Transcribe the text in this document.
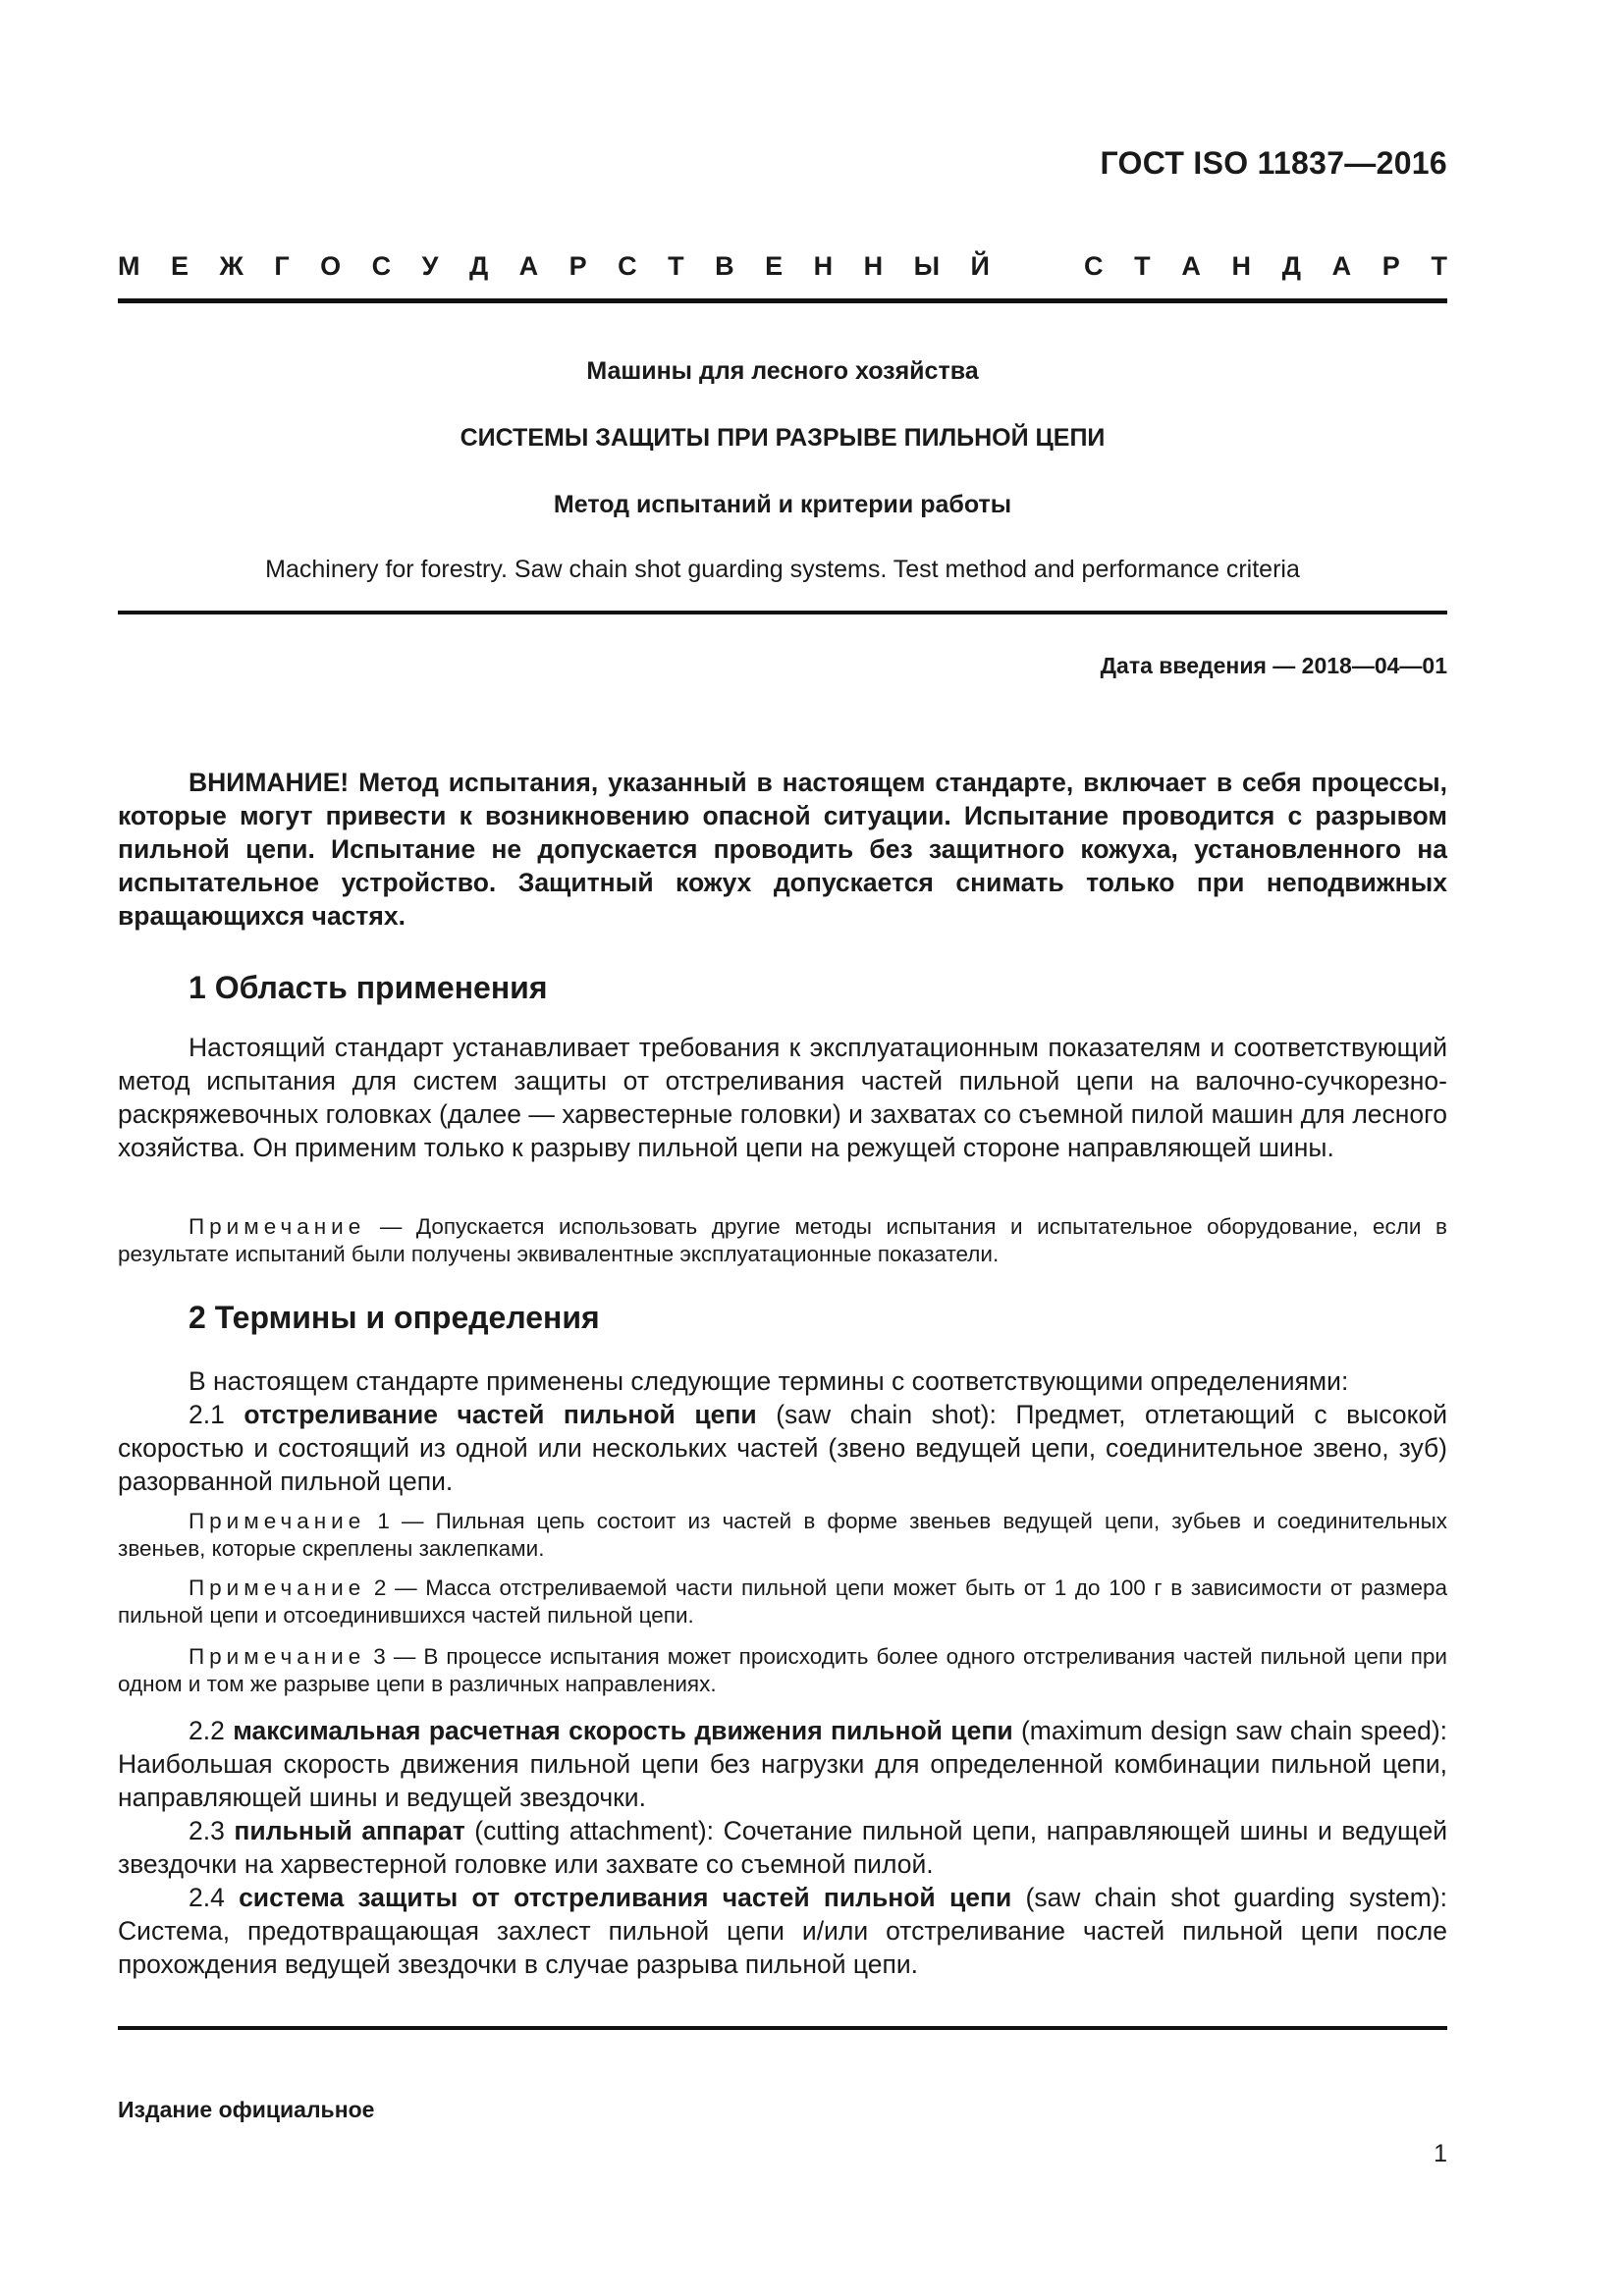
ГОСТ ISO 11837—2016
М Е Ж Г О С У Д А Р С Т В Е Н Н Ы Й	С Т А Н Д А Р Т
Машины для лесного хозяйства
СИСТЕМЫ ЗАЩИТЫ ПРИ РАЗРЫВЕ ПИЛЬНОЙ ЦЕПИ
Метод испытаний и критерии работы
Machinery for forestry. Saw chain shot guarding systems. Test method and performance criteria
Дата введения — 2018—04—01

ВНИМАНИЕ! Метод испытания, указанный в настоящем стандарте, включает в себя процессы, которые могут привести к возникновению опасной ситуации. Испытание проводится с разрывом пильной цепи. Испытание не допускается проводить без защитного кожуха, установленного на испытательное устройство. Защитный кожух допускается снимать только при неподвижных вращающихся частях.

1 Область применения

Настоящий стандарт устанавливает требования к эксплуатационным показателям и соответствующий метод испытания для систем защиты от отстреливания частей пильной цепи на валочно-сучкорезно-раскряжевочных головках (далее — харвестерные головки) и захватах со съемной пилой машин для лесного хозяйства. Он применим только к разрыву пильной цепи на режущей стороне направляющей шины.

Примечание — Допускается использовать другие методы испытания и испытательное оборудование, если в результате испытаний были получены эквивалентные эксплуатационные показатели.

2 Термины и определения

В настоящем стандарте применены следующие термины с соответствующими определениями:

2.1 отстреливание частей пильной цепи (saw chain shot): Предмет, отлетающий с высокой скоростью и состоящий из одной или нескольких частей (звено ведущей цепи, соединительное звено, зуб) разорванной пильной цепи.

Примечание 1 — Пильная цепь состоит из частей в форме звеньев ведущей цепи, зубьев и соединительных звеньев, которые скреплены заклепками.

Примечание 2 — Масса отстреливаемой части пильной цепи может быть от 1 до 100 г в зависимости от размера пильной цепи и отсоединившихся частей пильной цепи.

Примечание 3 — В процессе испытания может происходить более одного отстреливания частей пильной цепи при одном и том же разрыве цепи в различных направлениях.

2.2 максимальная расчетная скорость движения пильной цепи (maximum design saw chain speed): Наибольшая скорость движения пильной цепи без нагрузки для определенной комбинации пильной цепи, направляющей шины и ведущей звездочки.

2.3 пильный аппарат (cutting attachment): Сочетание пильной цепи, направляющей шины и ведущей звездочки на харвестерной головке или захвате со съемной пилой.

2.4 система защиты от отстреливания частей пильной цепи (saw chain shot guarding system): Система, предотвращающая захлест пильной цепи и/или отстреливание частей пильной цепи после прохождения ведущей звездочки в случае разрыва пильной цепи.

Издание официальное
1
